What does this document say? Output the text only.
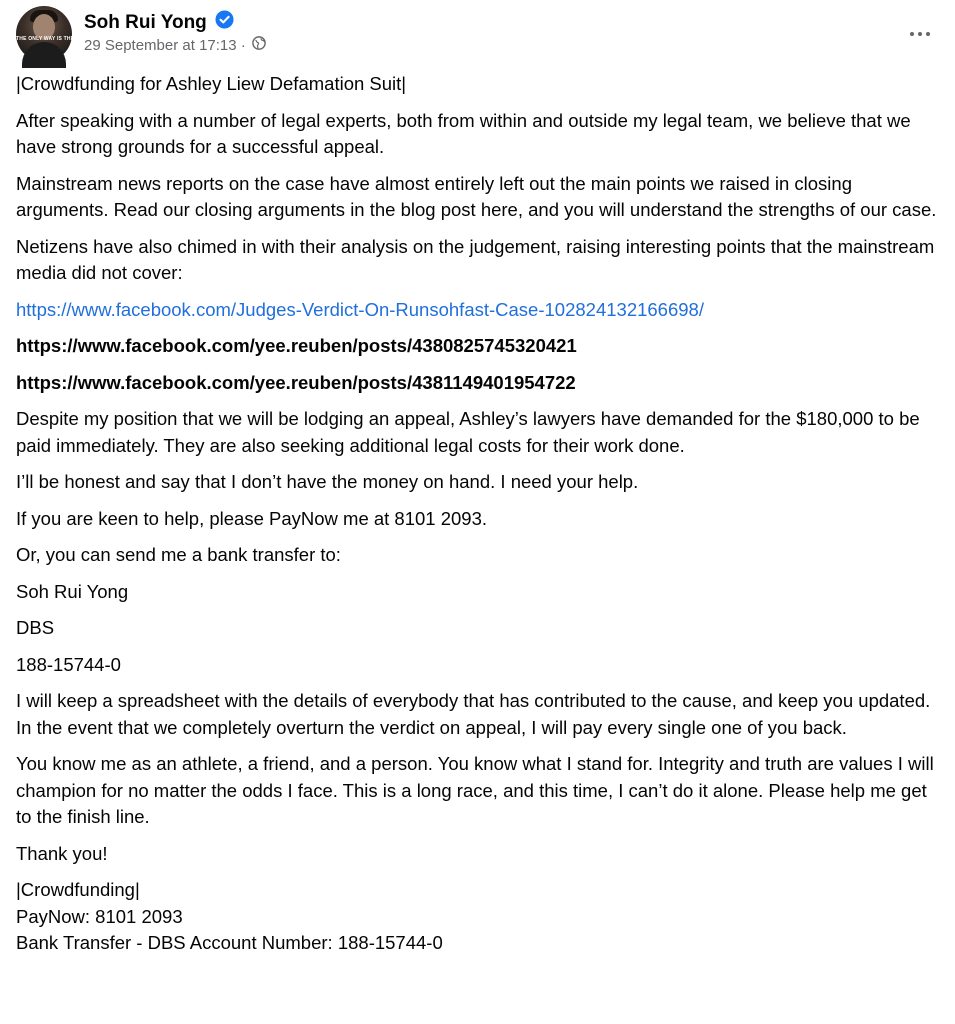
THE ONLY WAY IS THROUGH
Soh Rui Yong
29 September at 17:13 ·

|Crowdfunding for Ashley Liew Defamation Suit|

After speaking with a number of legal experts, both from within and outside my legal team, we believe that we have strong grounds for a successful appeal.

Mainstream news reports on the case have almost entirely left out the main points we raised in closing arguments. Read our closing arguments in the blog post here, and you will understand the strengths of our case.

Netizens have also chimed in with their analysis on the judgement, raising interesting points that the mainstream media did not cover:

https://www.facebook.com/Judges-Verdict-On-Runsohfast-Case-102824132166698/

https://www.facebook.com/yee.reuben/posts/4380825745320421

https://www.facebook.com/yee.reuben/posts/4381149401954722

Despite my position that we will be lodging an appeal, Ashley’s lawyers have demanded for the $180,000 to be paid immediately. They are also seeking additional legal costs for their work done.

I’ll be honest and say that I don’t have the money on hand. I need your help.

If you are keen to help, please PayNow me at 8101 2093.

Or, you can send me a bank transfer to:

Soh Rui Yong

DBS

188-15744-0

I will keep a spreadsheet with the details of everybody that has contributed to the cause, and keep you updated. In the event that we completely overturn the verdict on appeal, I will pay every single one of you back.

You know me as an athlete, a friend, and a person. You know what I stand for. Integrity and truth are values I will champion for no matter the odds I face. This is a long race, and this time, I can’t do it alone. Please help me get to the finish line.

Thank you!

|Crowdfunding|

PayNow: 8101 2093

Bank Transfer - DBS Account Number: 188-15744-0
